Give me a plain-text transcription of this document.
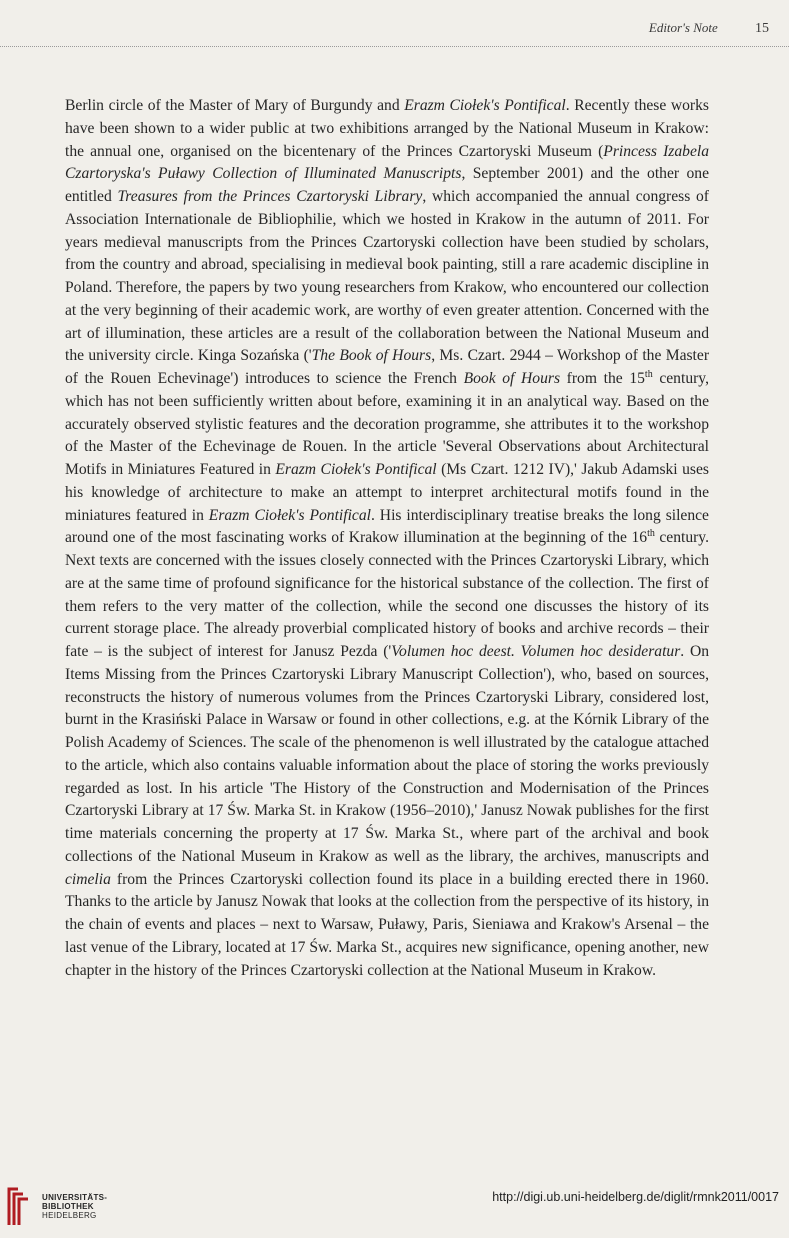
Editor's Note	15

Berlin circle of the Master of Mary of Burgundy and Erazm Ciołek's Pontifical. Recently these works have been shown to a wider public at two exhibitions arranged by the National Museum in Krakow: the annual one, organised on the bicentenary of the Princes Czartoryski Museum (Princess Izabela Czartoryska's Puławy Collection of Illuminated Manuscripts, September 2001) and the other one entitled Treasures from the Princes Czartoryski Library, which accompanied the annual congress of Association Internationale de Bibliophilie, which we hosted in Krakow in the autumn of 2011. For years medieval manuscripts from the Princes Czartoryski collection have been studied by scholars, from the country and abroad, specialising in medieval book painting, still a rare academic discipline in Poland. Therefore, the papers by two young researchers from Krakow, who encountered our collection at the very beginning of their academic work, are worthy of even greater attention. Concerned with the art of illumination, these articles are a result of the collaboration between the National Museum and the university circle. Kinga Sozańska ('The Book of Hours, Ms. Czart. 2944 – Workshop of the Master of the Rouen Echevinage') introduces to science the French Book of Hours from the 15th century, which has not been sufficiently written about before, examining it in an analytical way. Based on the accurately observed stylistic features and the decoration programme, she attributes it to the workshop of the Master of the Echevinage de Rouen. In the article 'Several Observations about Architectural Motifs in Miniatures Featured in Erazm Ciołek's Pontifical (Ms Czart. 1212 IV),' Jakub Adamski uses his knowledge of architecture to make an attempt to interpret architectural motifs found in the miniatures featured in Erazm Ciołek's Pontifical. His interdisciplinary treatise breaks the long silence around one of the most fascinating works of Krakow illumination at the beginning of the 16th century. Next texts are concerned with the issues closely connected with the Princes Czartoryski Library, which are at the same time of profound significance for the historical substance of the collection. The first of them refers to the very matter of the collection, while the second one discusses the history of its current storage place. The already proverbial complicated history of books and archive records – their fate – is the subject of interest for Janusz Pezda ('Volumen hoc deest. Volumen hoc desideratur. On Items Missing from the Princes Czartoryski Library Manuscript Collection'), who, based on sources, reconstructs the history of numerous volumes from the Princes Czartoryski Library, considered lost, burnt in the Krasiński Palace in Warsaw or found in other collections, e.g. at the Kórnik Library of the Polish Academy of Sciences. The scale of the phenomenon is well illustrated by the catalogue attached to the article, which also contains valuable information about the place of storing the works previously regarded as lost. In his article 'The History of the Construction and Modernisation of the Princes Czartoryski Library at 17 Św. Marka St. in Krakow (1956–2010),' Janusz Nowak publishes for the first time materials concerning the property at 17 Św. Marka St., where part of the archival and book collections of the National Museum in Krakow as well as the library, the archives, manuscripts and cimelia from the Princes Czartoryski collection found its place in a building erected there in 1960. Thanks to the article by Janusz Nowak that looks at the collection from the perspective of its history, in the chain of events and places – next to Warsaw, Puławy, Paris, Sieniawa and Krakow's Arsenal – the last venue of the Library, located at 17 Św. Marka St., acquires new significance, opening another, new chapter in the history of the Princes Czartoryski collection at the National Museum in Krakow.

UNIVERSITÄTS-
BIBLIOTHEK
HEIDELBERG
http://digi.ub.uni-heidelberg.de/diglit/rmnk2011/0017
